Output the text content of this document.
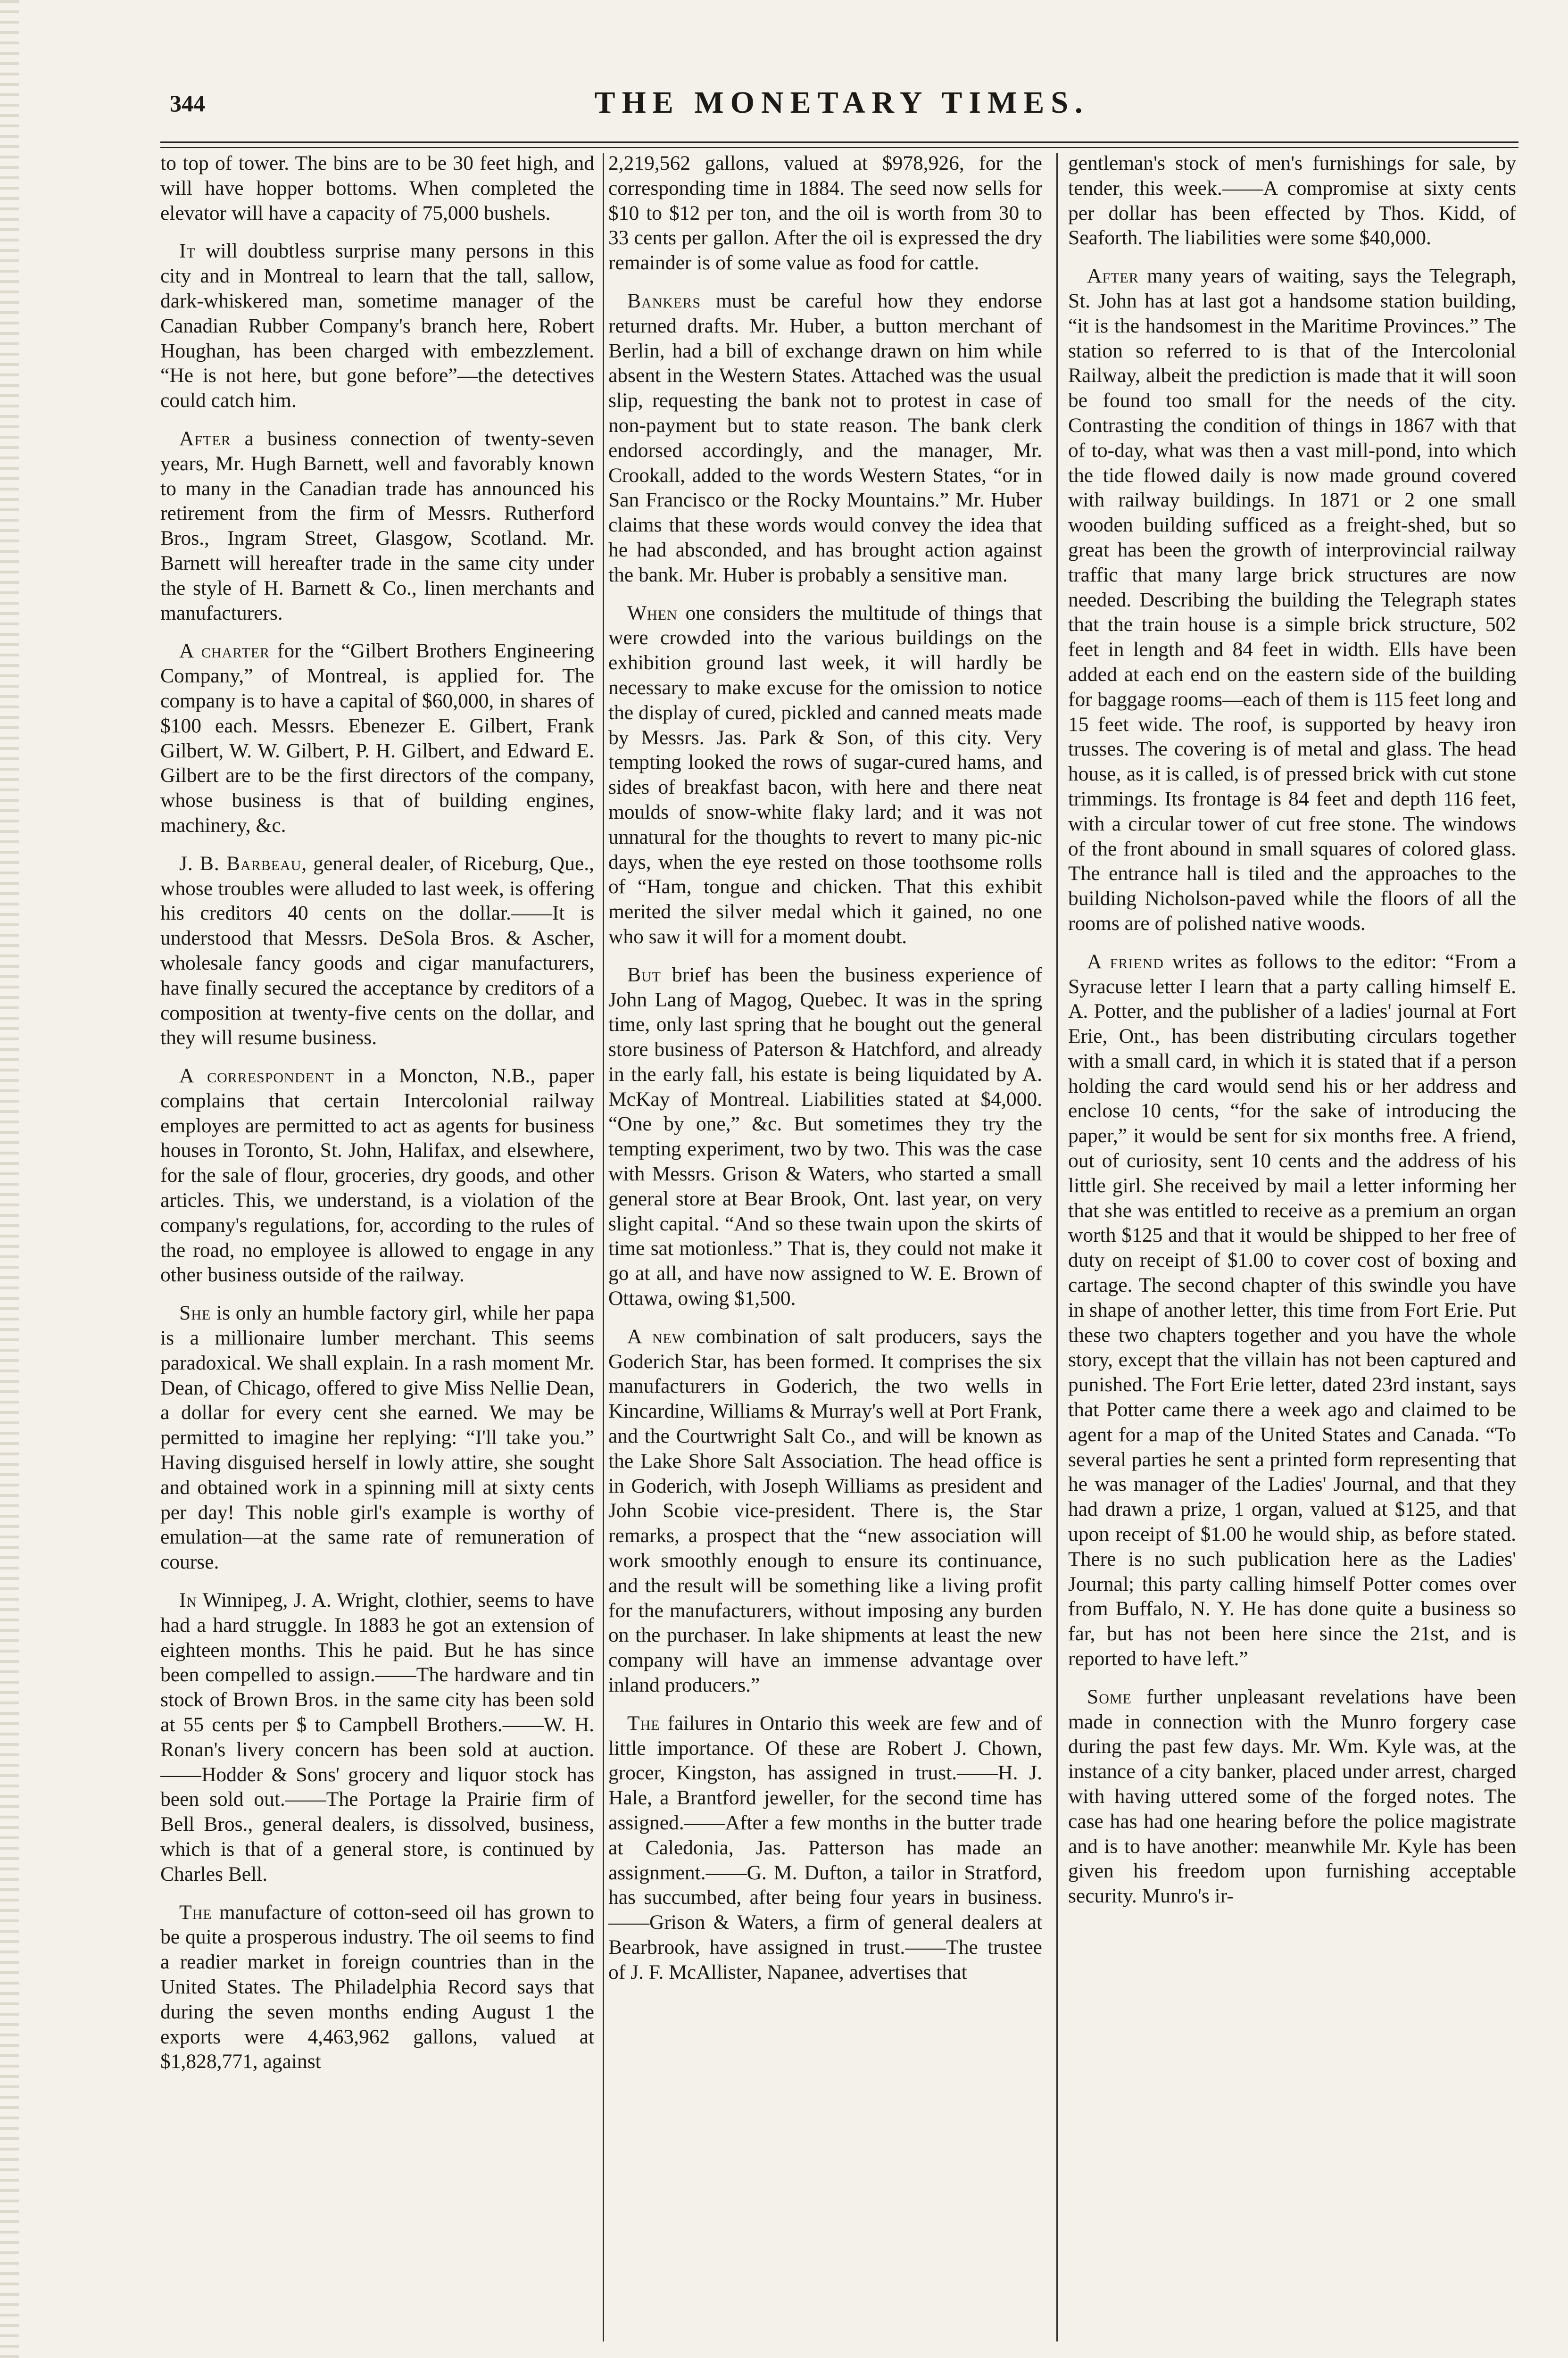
344	THE MONETARY TIMES.

to top of tower. The bins are to be 30 feet high, and will have hopper bottoms. When completed the elevator will have a capacity of 75,000 bushels.

It will doubtless surprise many persons in this city and in Montreal to learn that the tall, sallow, dark-whiskered man, sometime manager of the Canadian Rubber Company's branch here, Robert Houghan, has been charged with embezzlement. “He is not here, but gone before”—the detectives could catch him.

After a business connection of twenty-seven years, Mr. Hugh Barnett, well and favorably known to many in the Canadian trade has announced his retirement from the firm of Messrs. Rutherford Bros., Ingram Street, Glasgow, Scotland. Mr. Barnett will hereafter trade in the same city under the style of H. Barnett & Co., linen merchants and manufacturers.

A charter for the “Gilbert Brothers Engineering Company,” of Montreal, is applied for. The company is to have a capital of $60,000, in shares of $100 each. Messrs. Ebenezer E. Gilbert, Frank Gilbert, W. W. Gilbert, P. H. Gilbert, and Edward E. Gilbert are to be the first directors of the company, whose business is that of building engines, machinery, &c.

J. B. Barbeau, general dealer, of Riceburg, Que., whose troubles were alluded to last week, is offering his creditors 40 cents on the dollar.——It is understood that Messrs. DeSola Bros. & Ascher, wholesale fancy goods and cigar manufacturers, have finally secured the acceptance by creditors of a composition at twenty-five cents on the dollar, and they will resume business.

A correspondent in a Moncton, N.B., paper complains that certain Intercolonial railway employes are permitted to act as agents for business houses in Toronto, St. John, Halifax, and elsewhere, for the sale of flour, groceries, dry goods, and other articles. This, we understand, is a violation of the company's regulations, for, according to the rules of the road, no employee is allowed to engage in any other business outside of the railway.

She is only an humble factory girl, while her papa is a millionaire lumber merchant. This seems paradoxical. We shall explain. In a rash moment Mr. Dean, of Chicago, offered to give Miss Nellie Dean, a dollar for every cent she earned. We may be permitted to imagine her replying: “I'll take you.” Having disguised herself in lowly attire, she sought and obtained work in a spinning mill at sixty cents per day! This noble girl's example is worthy of emulation—at the same rate of remuneration of course.

In Winnipeg, J. A. Wright, clothier, seems to have had a hard struggle. In 1883 he got an extension of eighteen months. This he paid. But he has since been compelled to assign.——The hardware and tin stock of Brown Bros. in the same city has been sold at 55 cents per $ to Campbell Brothers.——W. H. Ronan's livery concern has been sold at auction.——Hodder & Sons' grocery and liquor stock has been sold out.——The Portage la Prairie firm of Bell Bros., general dealers, is dissolved, business, which is that of a general store, is continued by Charles Bell.

The manufacture of cotton-seed oil has grown to be quite a prosperous industry. The oil seems to find a readier market in foreign countries than in the United States. The Philadelphia Record says that during the seven months ending August 1 the exports were 4,463,962 gallons, valued at $1,828,771, against

2,219,562 gallons, valued at $978,926, for the corresponding time in 1884. The seed now sells for $10 to $12 per ton, and the oil is worth from 30 to 33 cents per gallon. After the oil is expressed the dry remainder is of some value as food for cattle.

Bankers must be careful how they endorse returned drafts. Mr. Huber, a button merchant of Berlin, had a bill of exchange drawn on him while absent in the Western States. Attached was the usual slip, requesting the bank not to protest in case of non-payment but to state reason. The bank clerk endorsed accordingly, and the manager, Mr. Crookall, added to the words Western States, “or in San Francisco or the Rocky Mountains.” Mr. Huber claims that these words would convey the idea that he had absconded, and has brought action against the bank. Mr. Huber is probably a sensitive man.

When one considers the multitude of things that were crowded into the various buildings on the exhibition ground last week, it will hardly be necessary to make excuse for the omission to notice the display of cured, pickled and canned meats made by Messrs. Jas. Park & Son, of this city. Very tempting looked the rows of sugar-cured hams, and sides of breakfast bacon, with here and there neat moulds of snow-white flaky lard; and it was not unnatural for the thoughts to revert to many pic-nic days, when the eye rested on those toothsome rolls of “Ham, tongue and chicken. That this exhibit merited the silver medal which it gained, no one who saw it will for a moment doubt.

But brief has been the business experience of John Lang of Magog, Quebec. It was in the spring time, only last spring that he bought out the general store business of Paterson & Hatchford, and already in the early fall, his estate is being liquidated by A. McKay of Montreal. Liabilities stated at $4,000. “One by one,” &c. But sometimes they try the tempting experiment, two by two. This was the case with Messrs. Grison & Waters, who started a small general store at Bear Brook, Ont. last year, on very slight capital. “And so these twain upon the skirts of time sat motionless.” That is, they could not make it go at all, and have now assigned to W. E. Brown of Ottawa, owing $1,500.

A new combination of salt producers, says the Goderich Star, has been formed. It comprises the six manufacturers in Goderich, the two wells in Kincardine, Williams & Murray's well at Port Frank, and the Courtwright Salt Co., and will be known as the Lake Shore Salt Association. The head office is in Goderich, with Joseph Williams as president and John Scobie vice-president. There is, the Star remarks, a prospect that the “new association will work smoothly enough to ensure its continuance, and the result will be something like a living profit for the manufacturers, without imposing any burden on the purchaser. In lake shipments at least the new company will have an immense advantage over inland producers.”

The failures in Ontario this week are few and of little importance. Of these are Robert J. Chown, grocer, Kingston, has assigned in trust.——H. J. Hale, a Brantford jeweller, for the second time has assigned.——After a few months in the butter trade at Caledonia, Jas. Patterson has made an assignment.——G. M. Dufton, a tailor in Stratford, has succumbed, after being four years in business.——Grison & Waters, a firm of general dealers at Bearbrook, have assigned in trust.——The trustee of J. F. McAllister, Napanee, advertises that

gentleman's stock of men's furnishings for sale, by tender, this week.——A compromise at sixty cents per dollar has been effected by Thos. Kidd, of Seaforth. The liabilities were some $40,000.

After many years of waiting, says the Telegraph, St. John has at last got a handsome station building, “it is the handsomest in the Maritime Provinces.” The station so referred to is that of the Intercolonial Railway, albeit the prediction is made that it will soon be found too small for the needs of the city. Contrasting the condition of things in 1867 with that of to-day, what was then a vast mill-pond, into which the tide flowed daily is now made ground covered with railway buildings. In 1871 or 2 one small wooden building sufficed as a freight-shed, but so great has been the growth of interprovincial railway traffic that many large brick structures are now needed. Describing the building the Telegraph states that the train house is a simple brick structure, 502 feet in length and 84 feet in width. Ells have been added at each end on the eastern side of the building for baggage rooms—each of them is 115 feet long and 15 feet wide. The roof, is supported by heavy iron trusses. The covering is of metal and glass. The head house, as it is called, is of pressed brick with cut stone trimmings. Its frontage is 84 feet and depth 116 feet, with a circular tower of cut free stone. The windows of the front abound in small squares of colored glass. The entrance hall is tiled and the approaches to the building Nicholson-paved while the floors of all the rooms are of polished native woods.

A friend writes as follows to the editor: “From a Syracuse letter I learn that a party calling himself E. A. Potter, and the publisher of a ladies' journal at Fort Erie, Ont., has been distributing circulars together with a small card, in which it is stated that if a person holding the card would send his or her address and enclose 10 cents, “for the sake of introducing the paper,” it would be sent for six months free. A friend, out of curiosity, sent 10 cents and the address of his little girl. She received by mail a letter informing her that she was entitled to receive as a premium an organ worth $125 and that it would be shipped to her free of duty on receipt of $1.00 to cover cost of boxing and cartage. The second chapter of this swindle you have in shape of another letter, this time from Fort Erie. Put these two chapters together and you have the whole story, except that the villain has not been captured and punished. The Fort Erie letter, dated 23rd instant, says that Potter came there a week ago and claimed to be agent for a map of the United States and Canada. “To several parties he sent a printed form representing that he was manager of the Ladies' Journal, and that they had drawn a prize, 1 organ, valued at $125, and that upon receipt of $1.00 he would ship, as before stated. There is no such publication here as the Ladies' Journal; this party calling himself Potter comes over from Buffalo, N. Y. He has done quite a business so far, but has not been here since the 21st, and is reported to have left.”

Some further unpleasant revelations have been made in connection with the Munro forgery case during the past few days. Mr. Wm. Kyle was, at the instance of a city banker, placed under arrest, charged with having uttered some of the forged notes. The case has had one hearing before the police magistrate and is to have another: meanwhile Mr. Kyle has been given his freedom upon furnishing acceptable security. Munro's ir-
